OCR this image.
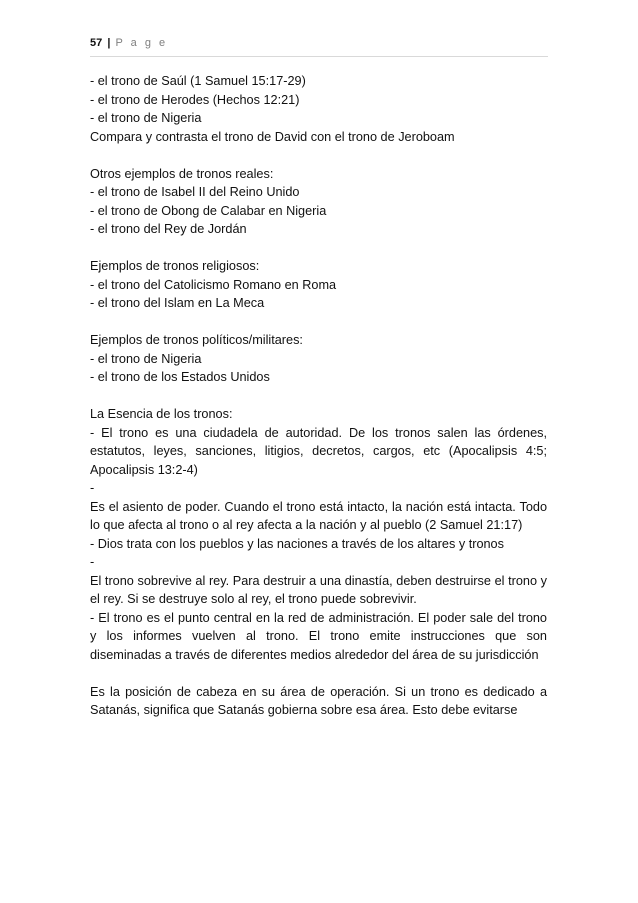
57 | P a g e
- el trono de Saúl (1 Samuel 15:17-29)
- el trono de Herodes (Hechos 12:21)
- el trono de Nigeria
Compara y contrasta el trono de David con el trono de Jeroboam
Otros ejemplos de tronos reales:
- el trono de Isabel II del Reino Unido
- el trono de Obong de Calabar en Nigeria
- el trono del Rey de Jordán
Ejemplos de tronos religiosos:
- el trono del Catolicismo Romano en Roma
- el trono del Islam en La Meca
Ejemplos de tronos políticos/militares:
- el trono de Nigeria
- el trono de los Estados Unidos
La Esencia de los tronos:
- El trono es una ciudadela de autoridad. De los tronos salen las órdenes, estatutos, leyes, sanciones, litigios, decretos, cargos, etc (Apocalipsis 4:5; Apocalipsis 13:2-4)
-
Es el asiento de poder. Cuando el trono está intacto, la nación está intacta. Todo lo que afecta al trono o al rey afecta a la nación y al pueblo (2 Samuel 21:17)
- Dios trata con los pueblos y las naciones a través de los altares y tronos
-
El trono sobrevive al rey. Para destruir a una dinastía, deben destruirse el trono y el rey. Si se destruye solo al rey, el trono puede sobrevivir.
- El trono es el punto central en la red de administración. El poder sale del trono y los informes vuelven al trono. El trono emite instrucciones que son diseminadas a través de diferentes medios alrededor del área de su jurisdicción
Es la posición de cabeza en su área de operación. Si un trono es dedicado a Satanás, significa que Satanás gobierna sobre esa área. Esto debe evitarse
